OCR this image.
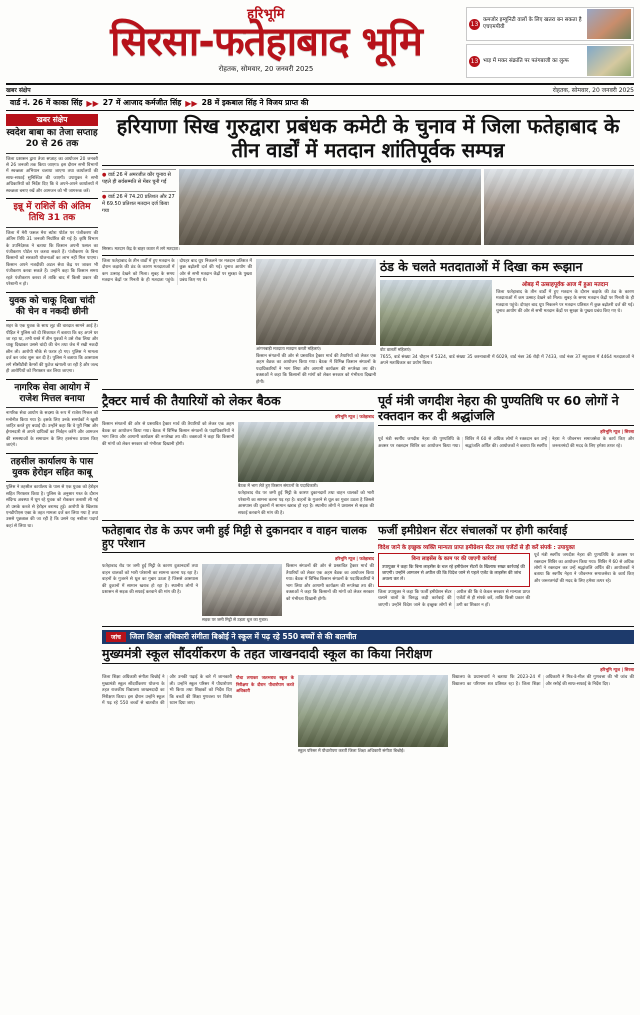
हरिभूमि
सिरसा-फतेहाबाद भूमि
रोहतक, सोमवार, 20 जनवरी 2025
13
कमजोर इम्यूनिटी वालों के लिए खतरा बन सकता है एचएमपीवी
13 भाड़ में मकर संक्रांति पर पतंगबाजी का लुत्फ
खबर संक्षेप	रोहतक, सोमवार, 20 जनवरी 2025
वार्ड नं. 26 में काका सिंह ▶▶ 27 में आजाद कर्मजीत सिंह ▶▶ 28 में इकबाल सिंह ने विजय प्राप्त की
खबर संक्षेप
स्वदेश बाबा का तेजा सप्ताह 20 से 26 तक
जिला प्रशासन द्वारा तेजा सप्ताह का आयोजन 20 जनवरी से 26 जनवरी तक किया जाएगा। इस दौरान सभी विभागों में स्वच्छता अभियान चलाया जाएगा तथा कार्यालयों की साफ-सफाई सुनिश्चित की जाएगी। उपायुक्त ने सभी अधिकारियों को निर्देश दिए कि वे अपने-अपने कार्यालयों में स्वच्छता बनाए रखें और आमजन को भी जागरूक करें।
इन्नू में राशिलें की अंतिम तिथि 31 तक
जिला में मेरी फसल मेरा ब्योरा पोर्टल पर पंजीकरण की अंतिम तिथि 31 जनवरी निर्धारित की गई है। कृषि विभाग के उपनिदेशक ने बताया कि किसान अपनी फसल का पंजीकरण पोर्टल पर करवा सकते हैं। पंजीकरण के बिना किसानों को सरकारी योजनाओं का लाभ नहीं मिल पाएगा। किसान अपने नजदीकी अटल सेवा केंद्र पर जाकर भी पंजीकरण करवा सकते हैं। उन्होंने कहा कि किसान समय रहते पंजीकरण करवा लें ताकि बाद में किसी प्रकार की परेशानी न हो।
युवक को चाकू दिखा चांदी की चेन व नकदी छीनी
शहर के एक युवक के साथ लूट की वारदात सामने आई है। पीड़ित ने पुलिस को दी शिकायत में बताया कि वह अपने घर जा रहा था, तभी रास्ते में तीन युवकों ने उसे रोक लिया और चाकू दिखाकर उससे चांदी की चेन तथा जेब में रखी नकदी छीन ली। आरोपी मौके से फरार हो गए। पुलिस ने मामला दर्ज कर जांच शुरू कर दी है। पुलिस ने बताया कि आसपास लगे सीसीटीवी कैमरों की फुटेज खंगाली जा रही है और जल्द ही आरोपियों को गिरफ्तार कर लिया जाएगा।
नागरिक सेवा आयोग में राजेश मित्तल बनाया
नागरिक सेवा आयोग के सदस्य के रूप में राजेश मित्तल को मनोनीत किया गया है। इसके लिए उनके समर्थकों ने खुशी जाहिर करते हुए बधाई दी। उन्होंने कहा कि वे पूरी निष्ठा और ईमानदारी से अपने दायित्वों का निर्वहन करेंगे और आमजन की समस्याओं के समाधान के लिए हरसंभव प्रयास किए जाएंगे।
तहसील कार्यालय के पास युवक हेरोइन सहित काबू
पुलिस ने तहसील कार्यालय के पास से एक युवक को हेरोइन सहित गिरफ्तार किया है। पुलिस के अनुसार गश्त के दौरान संदिग्ध अवस्था में घूम रहे युवक को रोककर तलाशी ली गई तो उसके कब्जे से हेरोइन बरामद हुई। आरोपी के खिलाफ एनडीपीएस एक्ट के तहत मामला दर्ज कर लिया गया है तथा उससे पूछताछ की जा रही है कि उसने यह नशीला पदार्थ कहां से लिया था।
हरियाणा सिख गुरुद्वारा प्रबंधक कमेटी के चुनाव में जिला फतेहाबाद के तीन वार्डों में मतदान शांतिपूर्वक सम्पन्न
● वार्ड 26 में अमरजीत कौर चुनाव से पहले ही सर्वसम्मति से मेंबर चुनी गईं
● वार्ड 26 में 74.20 प्रतिशत और 27 में 69.50 प्रतिशत मतदान दर्ज किया गया
सिरसा। मतदान केंद्र के बाहर कतार में लगे मतदाता।
जिला फतेहाबाद के तीन वार्डों में हुए मतदान के दौरान कड़ाके की ठंड के कारण मतदाताओं में कम उत्साह देखने को मिला। सुबह के समय मतदान केंद्रों पर गिनती के ही मतदाता पहुंचे। दोपहर बाद धूप निकलने पर मतदान प्रतिशत में कुछ बढ़ोतरी दर्ज की गई। चुनाव आयोग की ओर से सभी मतदान केंद्रों पर सुरक्षा के पुख्ता प्रबंध किए गए थे।
आंगनबाड़ी मतदाता मतदान करती महिलाएं।
किसान संगठनों की ओर से प्रस्तावित ट्रैक्टर मार्च की तैयारियों को लेकर एक अहम बैठक का आयोजन किया गया। बैठक में विभिन्न किसान संगठनों के पदाधिकारियों ने भाग लिया और आगामी कार्यक्रम की रूपरेखा तय की। वक्ताओं ने कहा कि किसानों की मांगों को लेकर सरकार को गंभीरता दिखानी होगी।
ठंड के चलते मतदाताओं में दिखा कम रूझान
वोट डालतीं महिलाएं।
ओबड़ में उत्साहपूर्वक आज में हुआ मतदान
जिला फतेहाबाद के तीन वार्डों में हुए मतदान के दौरान कड़ाके की ठंड के कारण मतदाताओं में कम उत्साह देखने को मिला। सुबह के समय मतदान केंद्रों पर गिनती के ही मतदाता पहुंचे। दोपहर बाद धूप निकलने पर मतदान प्रतिशत में कुछ बढ़ोतरी दर्ज की गई। चुनाव आयोग की ओर से सभी मतदान केंद्रों पर सुरक्षा के पुख्ता प्रबंध किए गए थे।
7655, वार्ड संख्या 34 चौहान में 5324, वार्ड संख्या 35 करनावाली में 6029, वार्ड नंबर 36 रोड़ी में 7433, वार्ड नंबर 37 सहुवाला में 4464 मतदाताओं ने अपने मताधिकार का प्रयोग किया।
ट्रैक्टर मार्च की तैयारियों को लेकर बैठक
हरिभूमि न्यूज | फतेहाबाद
किसान संगठनों की ओर से प्रस्तावित ट्रैक्टर मार्च की तैयारियों को लेकर एक अहम बैठक का आयोजन किया गया। बैठक में विभिन्न किसान संगठनों के पदाधिकारियों ने भाग लिया और आगामी कार्यक्रम की रूपरेखा तय की। वक्ताओं ने कहा कि किसानों की मांगों को लेकर सरकार को गंभीरता दिखानी होगी।
बैठक में भाग लेते हुए किसान संगठनों के पदाधिकारी।
फतेहाबाद रोड पर जमी हुई मिट्टी के कारण दुकानदारों तथा वाहन चालकों को भारी परेशानी का सामना करना पड़ रहा है। वाहनों के गुजरने से धूल का गुबार उठता है जिससे आसपास की दुकानों में सामान खराब हो रहा है। स्थानीय लोगों ने प्रशासन से सड़क की सफाई करवाने की मांग की है।
पूर्व मंत्री जगदीश नेहरा की पुण्यतिथि पर 60 लोगों ने रक्तदान कर दी श्रद्धांजलि
हरिभूमि न्यूज | सिरसा
पूर्व मंत्री स्वर्गीय जगदीश नेहरा की पुण्यतिथि के अवसर पर रक्तदान शिविर का आयोजन किया गया। शिविर में 60 से अधिक लोगों ने रक्तदान कर उन्हें श्रद्धांजलि अर्पित की। आयोजकों ने बताया कि स्वर्गीय नेहरा ने जीवनभर समाजसेवा के कार्य किए और जरूरतमंदों की मदद के लिए हमेशा तत्पर रहे।
फतेहाबाद रोड के ऊपर जमी हुई मिट्टी से दुकानदार व वाहन चालक हुए परेशान
हरिभूमि न्यूज | फतेहाबाद
फतेहाबाद रोड पर जमी हुई मिट्टी के कारण दुकानदारों तथा वाहन चालकों को भारी परेशानी का सामना करना पड़ रहा है। वाहनों के गुजरने से धूल का गुबार उठता है जिससे आसपास की दुकानों में सामान खराब हो रहा है। स्थानीय लोगों ने प्रशासन से सड़क की सफाई करवाने की मांग की है।
सड़क पर जमी मिट्टी से उड़ता धूल का गुबार।
किसान संगठनों की ओर से प्रस्तावित ट्रैक्टर मार्च की तैयारियों को लेकर एक अहम बैठक का आयोजन किया गया। बैठक में विभिन्न किसान संगठनों के पदाधिकारियों ने भाग लिया और आगामी कार्यक्रम की रूपरेखा तय की। वक्ताओं ने कहा कि किसानों की मांगों को लेकर सरकार को गंभीरता दिखानी होगी।
फर्जी इमीग्रेशन सेंटर संचालकों पर होगी कार्रवाई
विदेश जाने के इच्छुक व्यक्ति मान्यता प्राप्त इमीग्रेशन सेंटर तथा एजेंटों से ही करें संपर्क : उपायुक्त
बिना लाइसेंस के काम पर की जाएगी कार्रवाई
उपायुक्त ने कहा कि बिना लाइसेंस के चल रहे इमीग्रेशन सेंटरों के खिलाफ सख्त कार्रवाई की जाएगी। उन्होंने आमजन से अपील की कि विदेश जाने से पहले एजेंट के लाइसेंस की जांच अवश्य कर लें।
जिला उपायुक्त ने कहा कि फर्जी इमीग्रेशन सेंटर चलाने वालों के विरुद्ध कड़ी कार्रवाई की जाएगी। उन्होंने विदेश जाने के इच्छुक लोगों से अपील की कि वे केवल सरकार से मान्यता प्राप्त एजेंटों से ही संपर्क करें, ताकि किसी प्रकार की ठगी का शिकार न हों।
पूर्व मंत्री स्वर्गीय जगदीश नेहरा की पुण्यतिथि के अवसर पर रक्तदान शिविर का आयोजन किया गया। शिविर में 60 से अधिक लोगों ने रक्तदान कर उन्हें श्रद्धांजलि अर्पित की। आयोजकों ने बताया कि स्वर्गीय नेहरा ने जीवनभर समाजसेवा के कार्य किए और जरूरतमंदों की मदद के लिए हमेशा तत्पर रहे।
जांच	जिला शिक्षा अधिकारी संगीता बिश्नोई ने स्कूल में पढ़ रहे 550 बच्चों से की बातचीत
मुख्यमंत्री स्कूल सौंदर्यीकरण के तहत जाखनदादी स्कूल का किया निरीक्षण
हरिभूमि न्यूज | सिरसा
जिला शिक्षा अधिकारी संगीता बिश्नोई ने मुख्यमंत्री स्कूल सौंदर्यीकरण योजना के तहत राजकीय विद्यालय जाखनदादी का निरीक्षण किया। इस दौरान उन्होंने स्कूल में पढ़ रहे 550 बच्चों से बातचीत की और उनकी पढ़ाई के बारे में जानकारी ली। उन्होंने स्कूल परिसर में पौधारोपण भी किया तथा शिक्षकों को निर्देश दिए कि बच्चों की शिक्षा गुणवत्ता पर विशेष ध्यान दिया जाए।
पौधा लगाकर जलभराव स्कूल के निरीक्षण के दौरान पौधारोपण करते अधिकारी
स्कूल परिसर में पौधारोपण करतीं जिला शिक्षा अधिकारी संगीता बिश्नोई।
विद्यालय के प्रधानाचार्य ने बताया कि 2023-24 में विद्यालय का परिणाम शत प्रतिशत रहा है। जिला शिक्षा अधिकारी ने मिड-डे-मील की गुणवत्ता की भी जांच की और रसोई की साफ-सफाई के निर्देश दिए।
